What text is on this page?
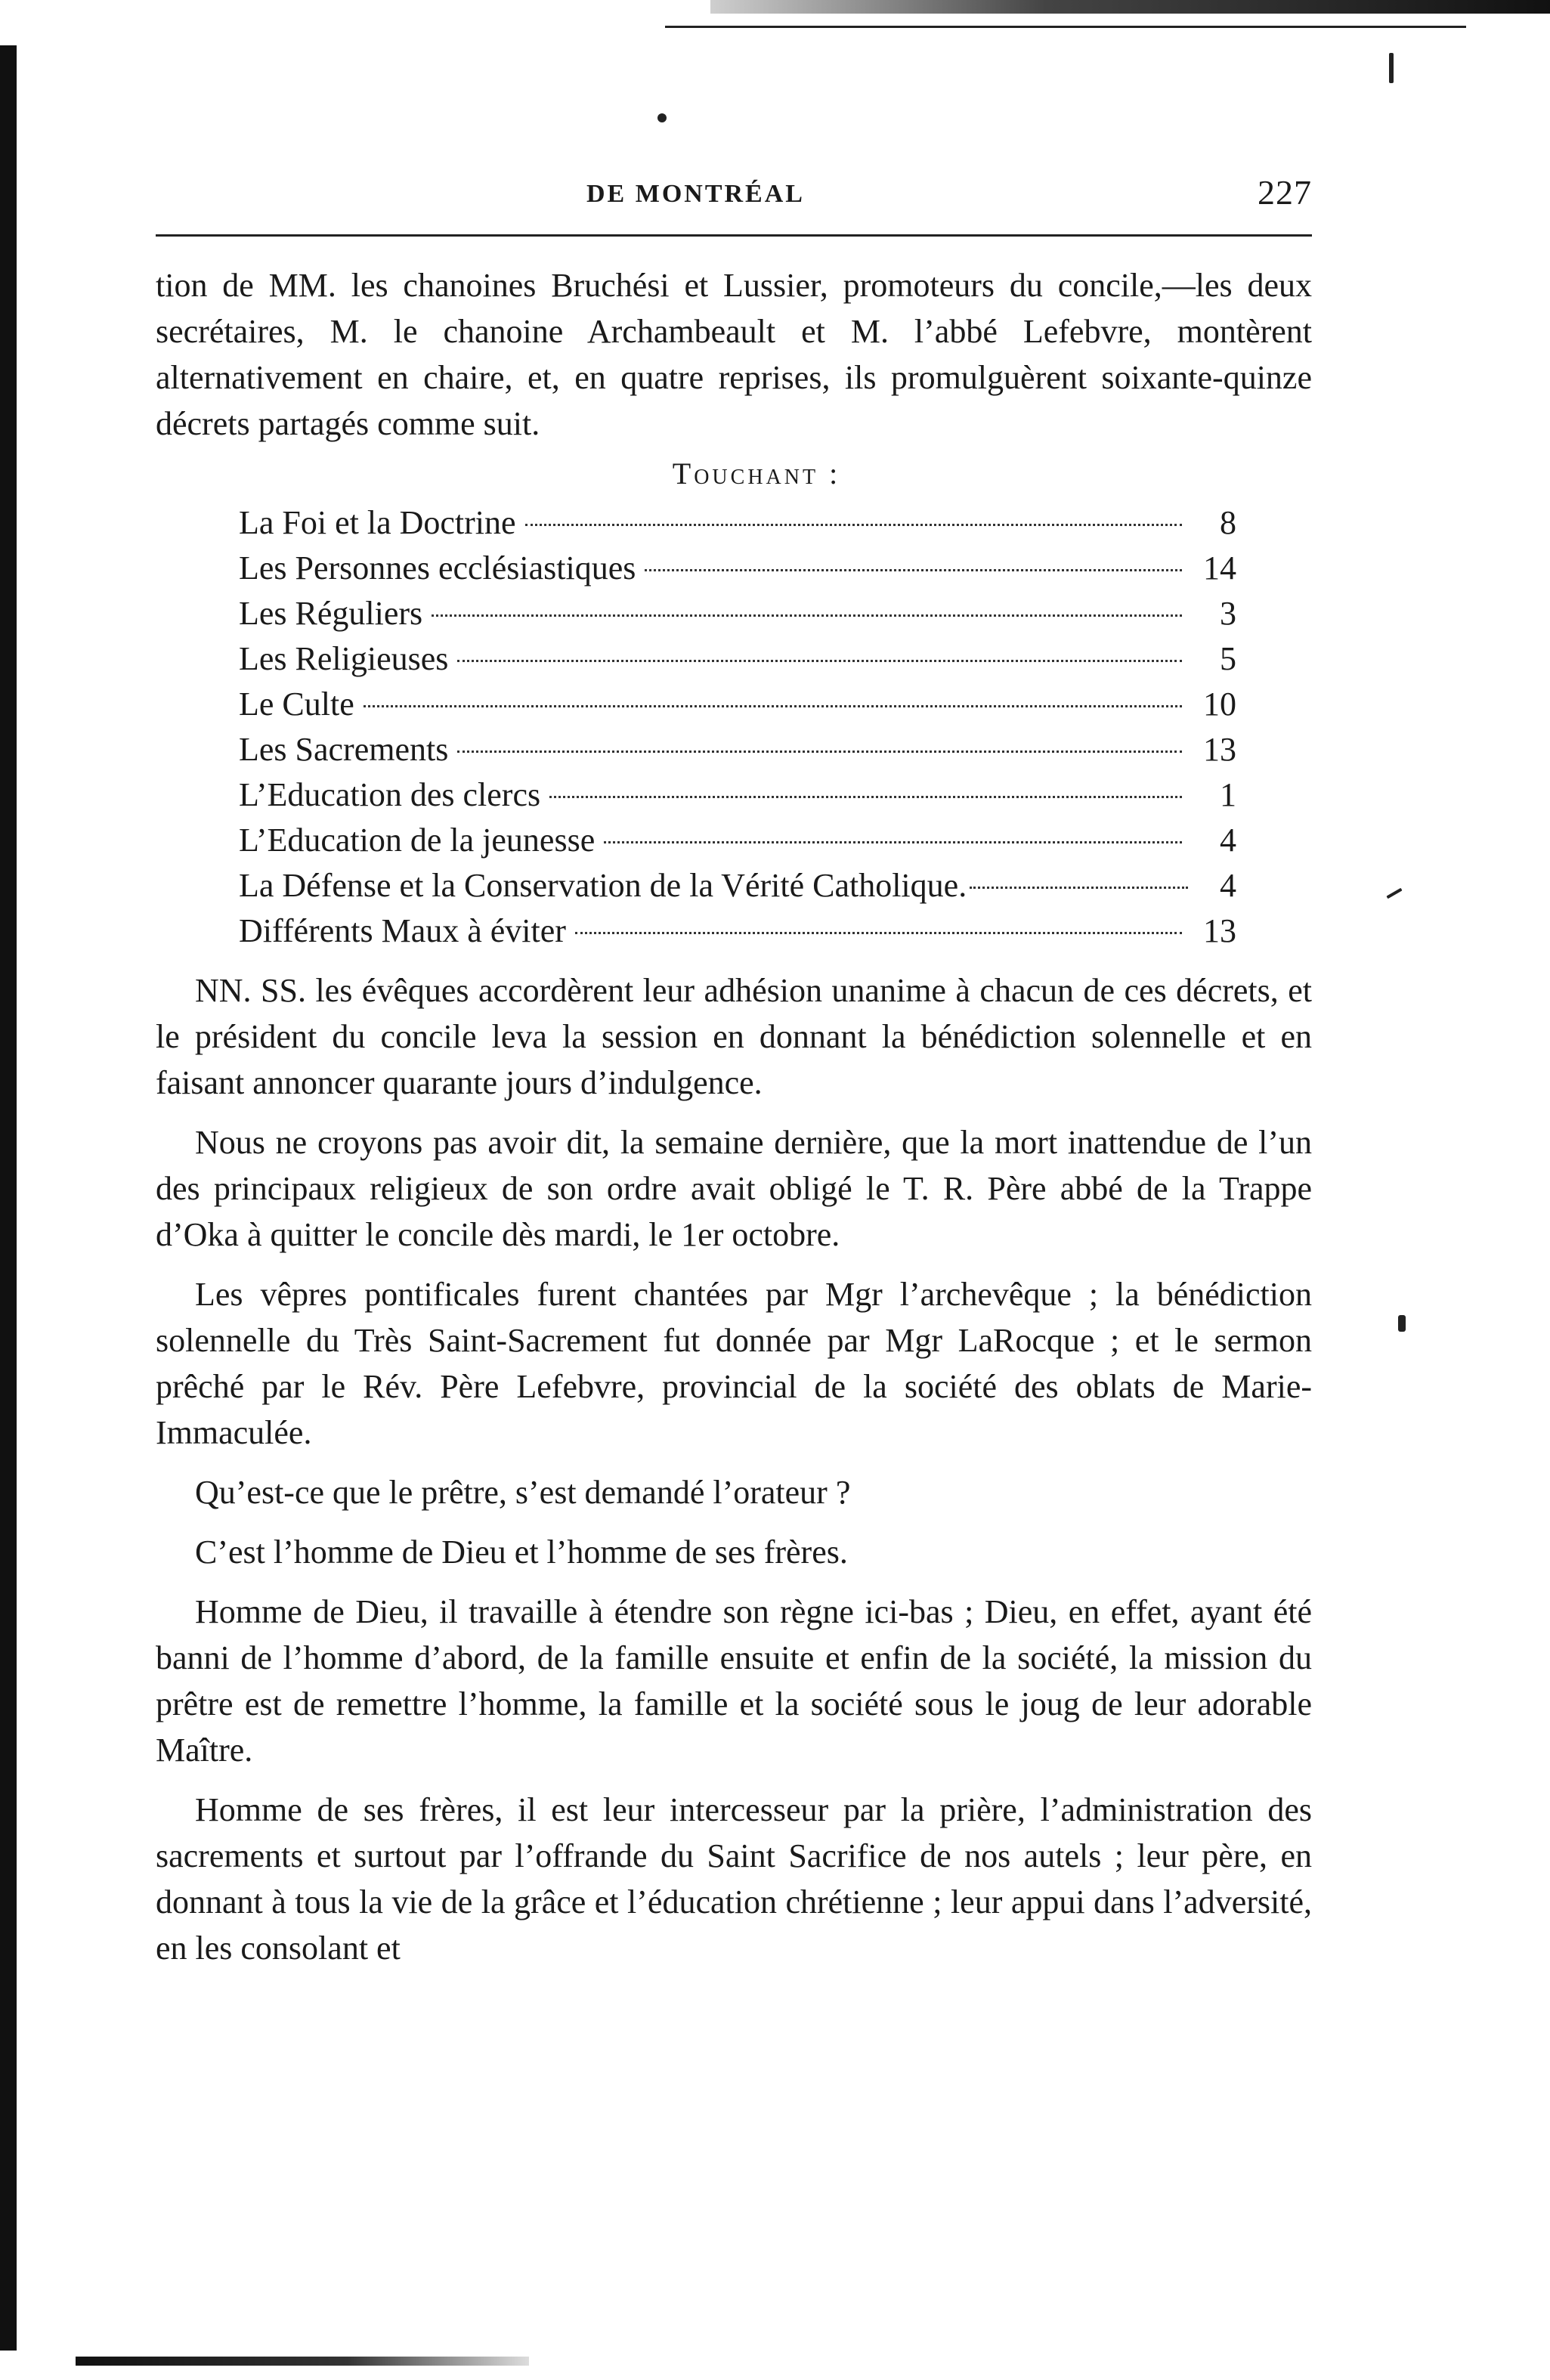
DE MONTRÉAL	227

tion de MM. les chanoines Bruchési et Lussier, promoteurs du concile,—les deux secrétaires, M. le chanoine Archambeault et M. l’abbé Lefebvre, montèrent alternativement en chaire, et, en quatre reprises, ils promulguèrent soixante-quinze décrets partagés comme suit.

Touchant :
La Foi et la Doctrine	8
Les Personnes ecclésiastiques	14
Les Réguliers	3
Les Religieuses	5
Le Culte	10
Les Sacrements	13
L’Education des clercs	1
L’Education de la jeunesse	4
La Défense et la Conservation de la Vérité Catholique.	4
Différents Maux à éviter	13

NN. SS. les évêques accordèrent leur adhésion unanime à chacun de ces décrets, et le président du concile leva la session en donnant la bénédiction solennelle et en faisant annoncer quarante jours d’indulgence.

Nous ne croyons pas avoir dit, la semaine dernière, que la mort inattendue de l’un des principaux religieux de son ordre avait obligé le T. R. Père abbé de la Trappe d’Oka à quitter le concile dès mardi, le 1er octobre.

Les vêpres pontificales furent chantées par Mgr l’archevêque ; la bénédiction solennelle du Très Saint-Sacrement fut donnée par Mgr LaRocque ; et le sermon prêché par le Rév. Père Lefebvre, provincial de la société des oblats de Marie-Immaculée.

Qu’est-ce que le prêtre, s’est demandé l’orateur ?

C’est l’homme de Dieu et l’homme de ses frères.

Homme de Dieu, il travaille à étendre son règne ici-bas ; Dieu, en effet, ayant été banni de l’homme d’abord, de la famille ensuite et enfin de la société, la mission du prêtre est de remettre l’homme, la famille et la société sous le joug de leur adorable Maître.

Homme de ses frères, il est leur intercesseur par la prière, l’administration des sacrements et surtout par l’offrande du Saint Sacrifice de nos autels ; leur père, en donnant à tous la vie de la grâce et l’éducation chrétienne ; leur appui dans l’adversité, en les consolant et
